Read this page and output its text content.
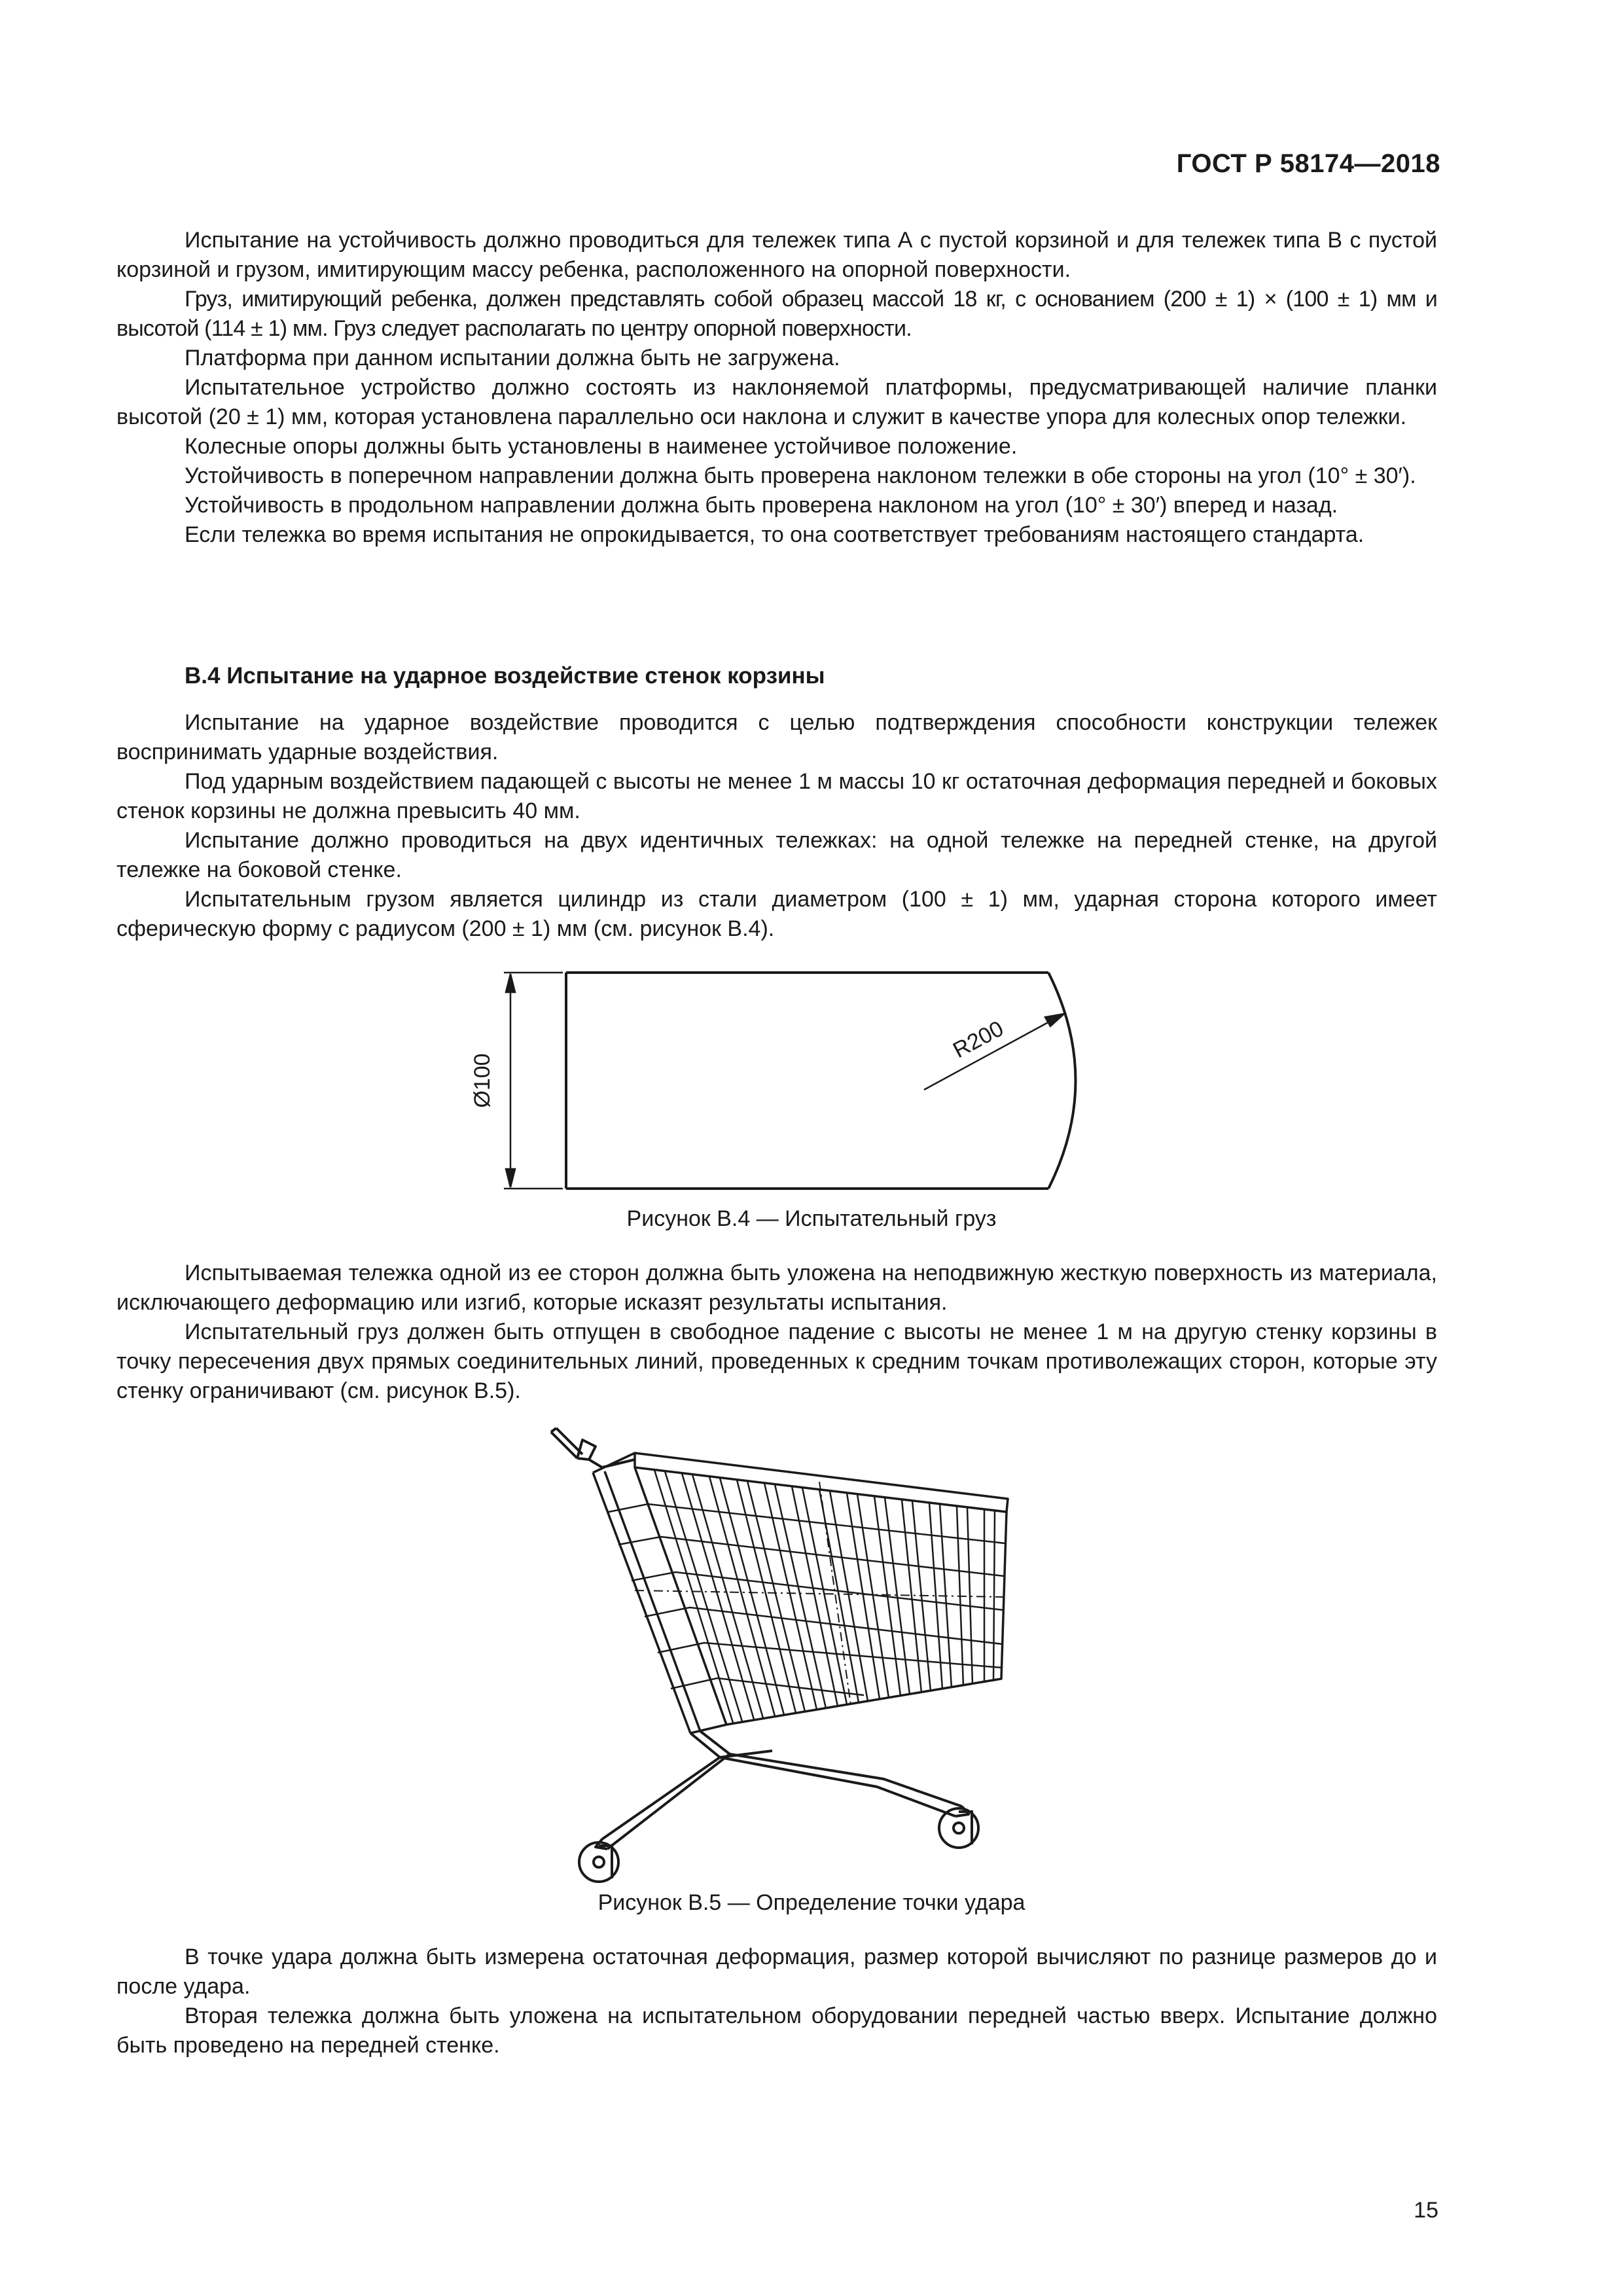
ГОСТ Р 58174—2018

Испытание на устойчивость должно проводиться для тележек типа А с пустой корзиной и для тележек типа В с пустой корзиной и грузом, имитирующим массу ребенка, расположенного на опорной поверхности.

Груз, имитирующий ребенка, должен представлять собой образец массой 18 кг, с основанием (200 ± 1) × (100 ± 1) мм и высотой (114 ± 1) мм. Груз следует располагать по центру опорной поверхности.

Платформа при данном испытании должна быть не загружена.

Испытательное устройство должно состоять из наклоняемой платформы, предусматривающей наличие планки высотой (20 ± 1) мм, которая установлена параллельно оси наклона и служит в качестве упора для колесных опор тележки.

Колесные опоры должны быть установлены в наименее устойчивое положение.

Устойчивость в поперечном направлении должна быть проверена наклоном тележки в обе стороны на угол (10° ± 30′).

Устойчивость в продольном направлении должна быть проверена наклоном на угол (10° ± 30′) вперед и назад.

Если тележка во время испытания не опрокидывается, то она соответствует требованиям настоящего стандарта.

В.4 Испытание на ударное воздействие стенок корзины

Испытание на ударное воздействие проводится с целью подтверждения способности конструкции тележек воспринимать ударные воздействия.

Под ударным воздействием падающей с высоты не менее 1 м массы 10 кг остаточная деформация передней и боковых стенок корзины не должна превысить 40 мм.

Испытание должно проводиться на двух идентичных тележках: на одной тележке на передней стенке, на другой тележке на боковой стенке.

Испытательным грузом является цилиндр из стали диаметром (100 ± 1) мм, ударная сторона которого имеет сферическую форму с радиусом (200 ± 1) мм (см. рисунок В.4).

Ø100
R200
Рисунок В.4 — Испытательный груз

Испытываемая тележка одной из ее сторон должна быть уложена на неподвижную жесткую поверхность из материала, исключающего деформацию или изгиб, которые исказят результаты испытания.

Испытательный груз должен быть отпущен в свободное падение с высоты не менее 1 м на другую стенку корзины в точку пересечения двух прямых соединительных линий, проведенных к средним точкам противолежащих сторон, которые эту стенку ограничивают (см. рисунок В.5).

Рисунок В.5 — Определение точки удара

В точке удара должна быть измерена остаточная деформация, размер которой вычисляют по разнице размеров до и после удара.

Вторая тележка должна быть уложена на испытательном оборудовании передней частью вверх. Испытание должно быть проведено на передней стенке.

15
